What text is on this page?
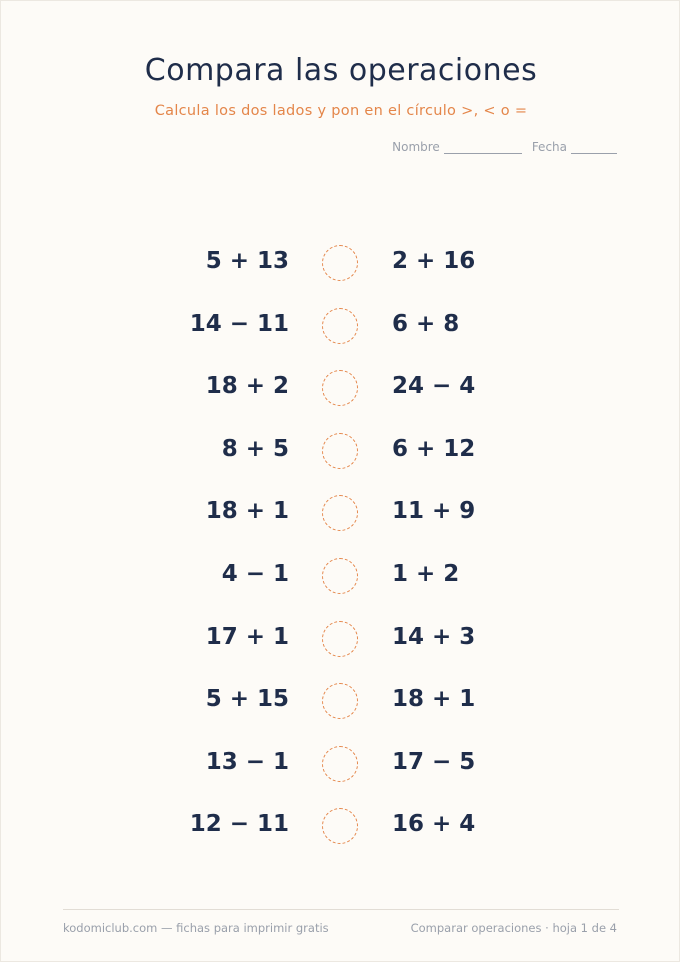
Compara las operaciones
Calcula los dos lados y pon en el círculo >, < o =
Nombre	Fecha
5 + 13	2 + 16
14 − 11	6 + 8
18 + 2	24 − 4
8 + 5	6 + 12
18 + 1	11 + 9
4 − 1	1 + 2
17 + 1	14 + 3
5 + 15	18 + 1
13 − 1	17 − 5
12 − 11	16 + 4
kodomiclub.com — fichas para imprimir gratis	Comparar operaciones · hoja 1 de 4
